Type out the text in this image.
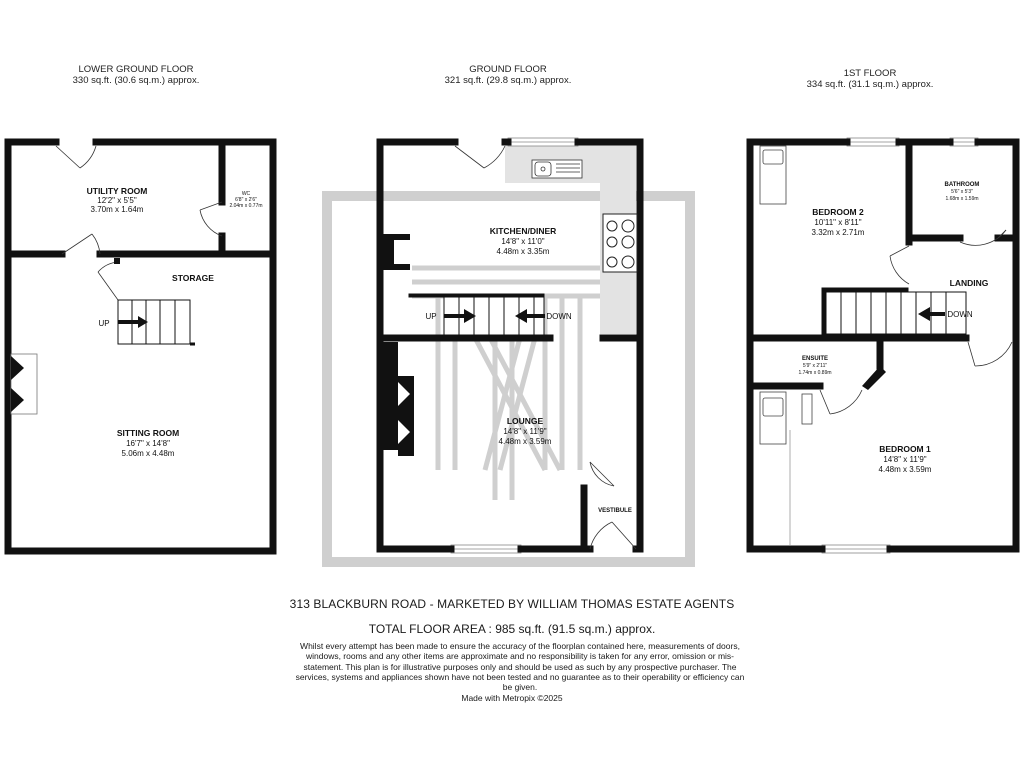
LOWER GROUND FLOOR
330 sq.ft. (30.6 sq.m.) approx.
GROUND FLOOR
321 sq.ft. (29.8 sq.m.) approx.
1ST FLOOR
334 sq.ft. (31.1 sq.m.) approx.
UP
UTILITY ROOM
12'2" x 5'5"
3.70m x 1.64m
WC
6'8" x 2'6"
2.04m x 0.77m
STORAGE
SITTING ROOM
16'7" x 14'8"
5.06m x 4.48m
UP	DOWN
KITCHEN/DINER
14'8" x 11'0"
4.48m x 3.35m
LOUNGE
14'8" x 11'9"
4.48m x 3.59m
VESTIBULE
DOWN
BEDROOM 2
10'11" x 8'11"
3.32m x 2.71m
BATHROOM
5'6" x 5'3"
1.68m x 1.59m
LANDING
ENSUITE
5'9" x 2'11"
1.74m x 0.89m
BEDROOM 1
14'8" x 11'9"
4.48m x 3.59m
313 BLACKBURN ROAD - MARKETED BY WILLIAM THOMAS ESTATE AGENTS
TOTAL FLOOR AREA : 985 sq.ft. (91.5 sq.m.) approx.
Whilst every attempt has been made to ensure the accuracy of the floorplan contained here, measurements of doors, windows, rooms and any other items are approximate and no responsibility is taken for any error, omission or mis-statement. This plan is for illustrative purposes only and should be used as such by any prospective purchaser. The services, systems and appliances shown have not been tested and no guarantee as to their operability or efficiency can be given.
Made with Metropix ©2025
